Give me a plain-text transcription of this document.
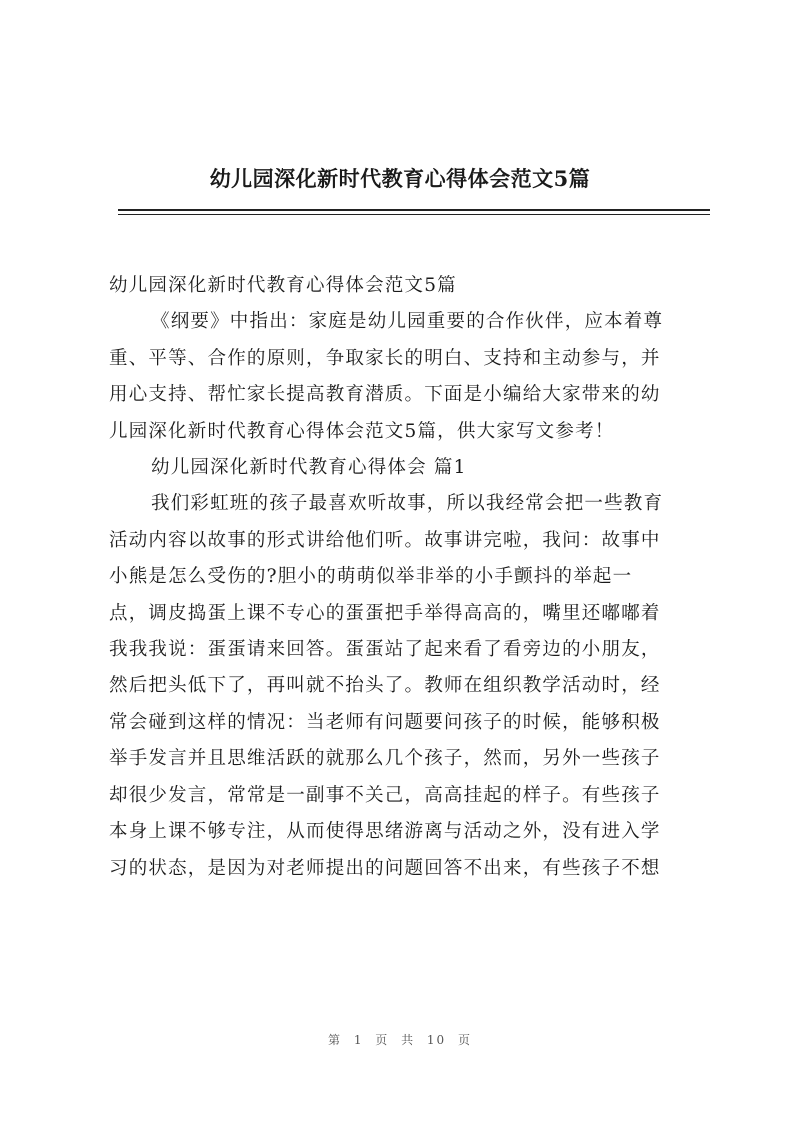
幼儿园深化新时代教育心得体会范文5篇
幼儿园深化新时代教育心得体会范文5篇
《纲要》中指出：家庭是幼儿园重要的合作伙伴，应本着尊
重、平等、合作的原则，争取家长的明白、支持和主动参与，并
用心支持、帮忙家长提高教育潜质。下面是小编给大家带来的幼
儿园深化新时代教育心得体会范文5篇，供大家写文参考！
幼儿园深化新时代教育心得体会 篇1
我们彩虹班的孩子最喜欢听故事，所以我经常会把一些教育
活动内容以故事的形式讲给他们听。故事讲完啦，我问：故事中
小熊是怎么受伤的?胆小的萌萌似举非举的小手颤抖的举起一
点，调皮捣蛋上课不专心的蛋蛋把手举得高高的，嘴里还嘟嘟着
我我我说：蛋蛋请来回答。蛋蛋站了起来看了看旁边的小朋友，
然后把头低下了，再叫就不抬头了。教师在组织教学活动时，经
常会碰到这样的情况：当老师有问题要问孩子的时候，能够积极
举手发言并且思维活跃的就那么几个孩子，然而，另外一些孩子
却很少发言，常常是一副事不关己，高高挂起的样子。有些孩子
本身上课不够专注，从而使得思绪游离与活动之外，没有进入学
习的状态，是因为对老师提出的问题回答不出来，有些孩子不想
第 1 页 共 10 页
